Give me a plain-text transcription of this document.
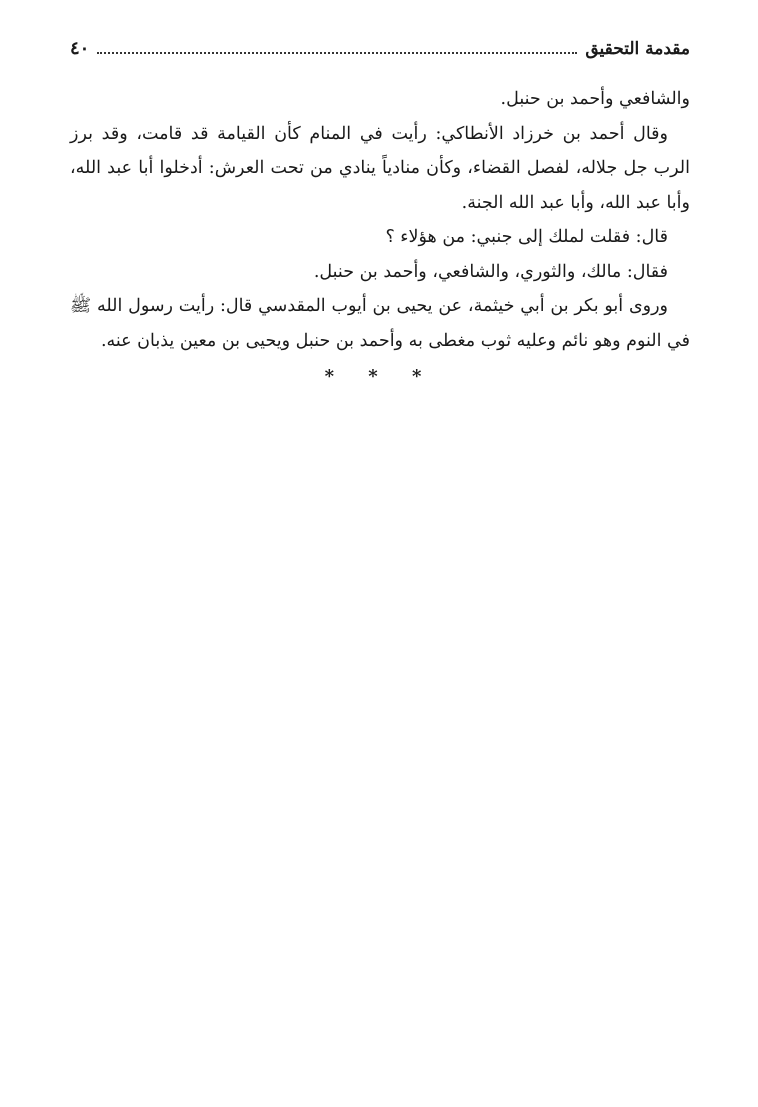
مقدمة التحقيق
٤٠

والشافعي وأحمد بن حنبل.

وقال أحمد بن خرزاد الأنطاكي: رأيت في المنام كأن القيامة قد قامت، وقد برز الرب جل جلاله، لفصل القضاء، وكأن منادياً ينادي من تحت العرش: أدخلوا أبا عبد الله، وأبا عبد الله، وأبا عبد الله الجنة.

قال: فقلت لملك إلى جنبي: من هؤلاء ؟

فقال: مالك، والثوري، والشافعي، وأحمد بن حنبل.

وروى أبو بكر بن أبي خيثمة، عن يحيى بن أيوب المقدسي قال: رأيت رسول الله ﷺ في النوم وهو نائم وعليه ثوب مغطى به وأحمد بن حنبل ويحيى بن معين يذبان عنه.

* * *
